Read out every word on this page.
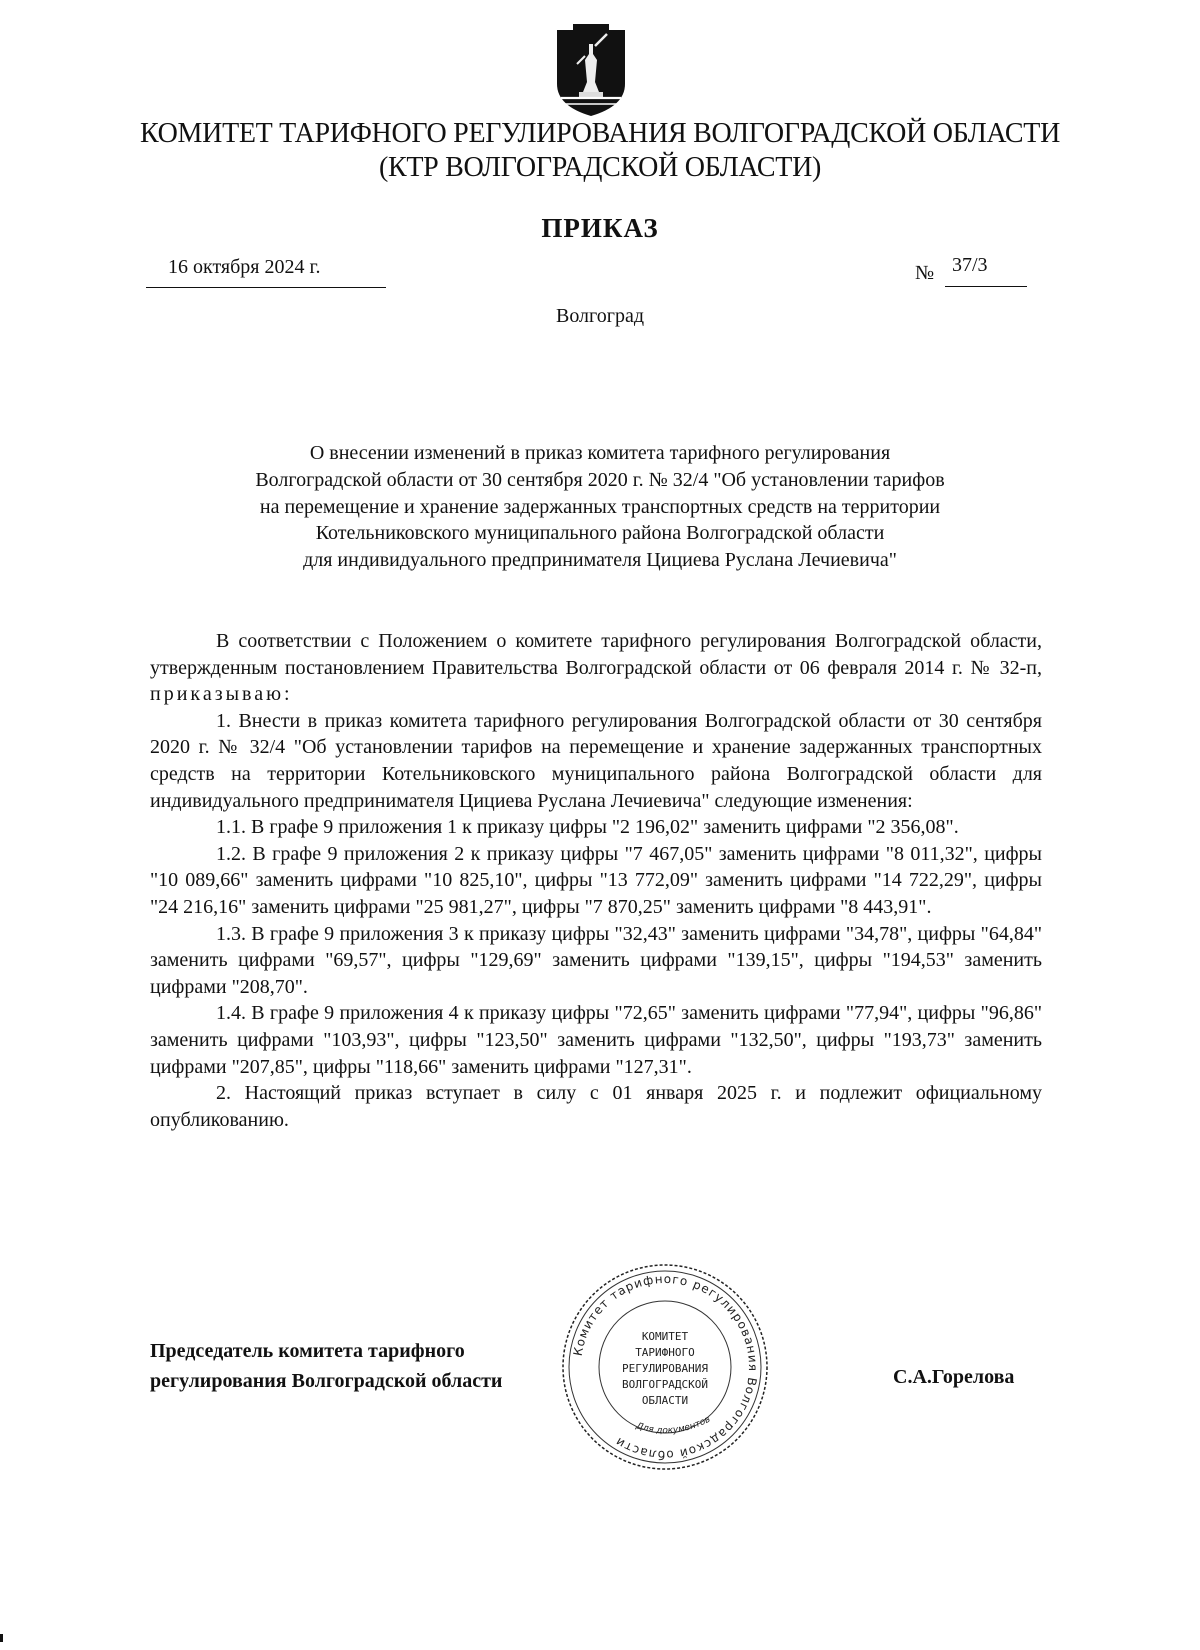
КОМИТЕТ ТАРИФНОГО РЕГУЛИРОВАНИЯ ВОЛГОГРАДСКОЙ ОБЛАСТИ
(КТР ВОЛГОГРАДСКОЙ ОБЛАСТИ)
ПРИКАЗ
16 октября 2024 г.	№ 37/3
Волгоград
О внесении изменений в приказ комитета тарифного регулирования
Волгоградской области от 30 сентября 2020 г. № 32/4 "Об установлении тарифов
на перемещение и хранение задержанных транспортных средств на территории
Котельниковского муниципального района Волгоградской области
для индивидуального предпринимателя Цициева Руслана Лечиевича"

В соответствии с Положением о комитете тарифного регулирования Волгоградской области, утвержденным постановлением Правительства Волгоградской области от 06 февраля 2014 г. № 32-п, приказываю:

1. Внести в приказ комитета тарифного регулирования Волгоградской области от 30 сентября 2020 г. № 32/4 "Об установлении тарифов на перемещение и хранение задержанных транспортных средств на территории Котельниковского муниципального района Волгоградской области для индивидуального предпринимателя Цициева Руслана Лечиевича" следующие изменения:

1.1. В графе 9 приложения 1 к приказу цифры "2 196,02" заменить цифрами "2 356,08".

1.2. В графе 9 приложения 2 к приказу цифры "7 467,05" заменить цифрами "8 011,32", цифры "10 089,66" заменить цифрами "10 825,10", цифры "13 772,09" заменить цифрами "14 722,29", цифры "24 216,16" заменить цифрами "25 981,27", цифры "7 870,25" заменить цифрами "8 443,91".

1.3. В графе 9 приложения 3 к приказу цифры "32,43" заменить цифрами "34,78", цифры "64,84" заменить цифрами "69,57", цифры "129,69" заменить цифрами "139,15", цифры "194,53" заменить цифрами "208,70".

1.4. В графе 9 приложения 4 к приказу цифры "72,65" заменить цифрами "77,94", цифры "96,86" заменить цифрами "103,93", цифры "123,50" заменить цифрами "132,50", цифры "193,73" заменить цифрами "207,85", цифры "118,66" заменить цифрами "127,31".

2. Настоящий приказ вступает в силу с 01 января 2025 г. и подлежит официальному опубликованию.

Председатель комитета тарифного
регулирования Волгоградской области	С.А.Горелова
Комитет тарифного регулирования Волгоградской области
КОМИТЕТ
ТАРИФНОГО
РЕГУЛИРОВАНИЯ
ВОЛГОГРАДСКОЙ
ОБЛАСТИ
Для документов
